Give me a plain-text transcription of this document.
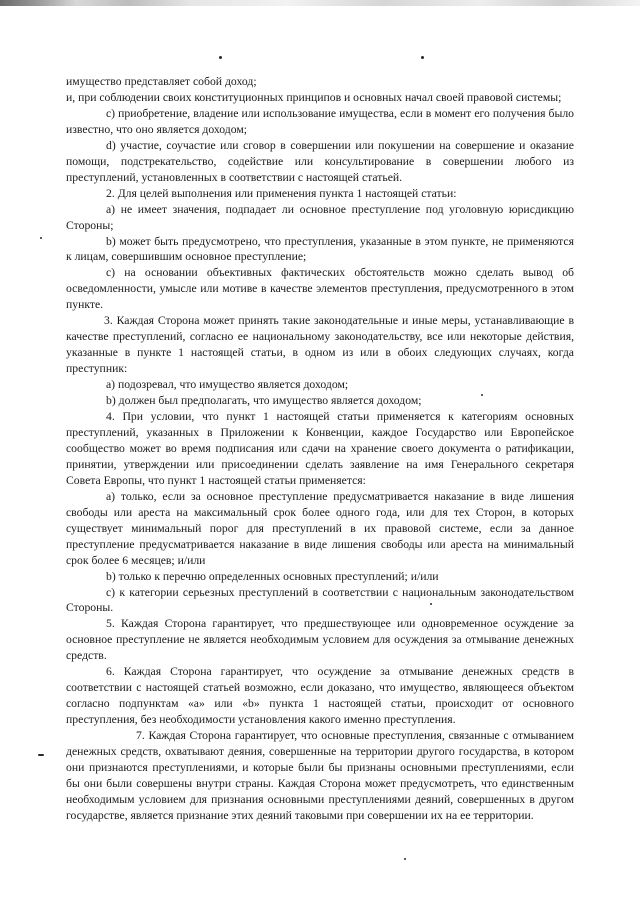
имущество представляет собой доход;

и, при соблюдении своих конституционных принципов и основных начал своей правовой системы;

c) приобретение, владение или использование имущества, если в момент его получения было известно, что оно является доходом;

d) участие, соучастие или сговор в совершении или покушении на совершение и оказание помощи, подстрекательство, содействие или консультирование в совершении любого из преступлений, установленных в соответствии с настоящей статьей.

2. Для целей выполнения или применения пункта 1 настоящей статьи:

a) не имеет значения, подпадает ли основное преступление под уголовную юрисдикцию Стороны;

b) может быть предусмотрено, что преступления, указанные в этом пункте, не применяются к лицам, совершившим основное преступление;

c) на основании объективных фактических обстоятельств можно сделать вывод об осведомленности, умысле или мотиве в качестве элементов преступления, предусмотренного в этом пункте.

3. Каждая Сторона может принять такие законодательные и иные меры, устанавливающие в качестве преступлений, согласно ее национальному законодательству, все или некоторые действия, указанные в пункте 1 настоящей статьи, в одном из или в обоих следующих случаях, когда преступник:

a) подозревал, что имущество является доходом;

b) должен был предполагать, что имущество является доходом;

4. При условии, что пункт 1 настоящей статьи применяется к категориям основных преступлений, указанных в Приложении к Конвенции, каждое Государство или Европейское сообщество может во время подписания или сдачи на хранение своего документа о ратификации, принятии, утверждении или присоединении сделать заявление на имя Генерального секретаря Совета Европы, что пункт 1 настоящей статьи применяется:

a) только, если за основное преступление предусматривается наказание в виде лишения свободы или ареста на максимальный срок более одного года, или для тех Сторон, в которых существует минимальный порог для преступлений в их правовой системе, если за данное преступление предусматривается наказание в виде лишения свободы или ареста на минимальный срок более 6 месяцев; и/или

b) только к перечню определенных основных преступлений; и/или

c) к категории серьезных преступлений в соответствии с национальным законодательством Стороны.

5. Каждая Сторона гарантирует, что предшествующее или одновременное осуждение за основное преступление не является необходимым условием для осуждения за отмывание денежных средств.

6. Каждая Сторона гарантирует, что осуждение за отмывание денежных средств в соответствии с настоящей статьей возможно, если доказано, что имущество, являющееся объектом согласно подпунктам «a» или «b» пункта 1 настоящей статьи, происходит от основного преступления, без необходимости установления какого именно преступления.

7. Каждая Сторона гарантирует, что основные преступления, связанные с отмыванием денежных средств, охватывают деяния, совершенные на территории другого государства, в котором они признаются преступлениями, и которые были бы признаны основными преступлениями, если бы они были совершены внутри страны. Каждая Сторона может предусмотреть, что единственным необходимым условием для признания основными преступлениями деяний, совершенных в другом государстве, является признание этих деяний таковыми при совершении их на ее территории.
